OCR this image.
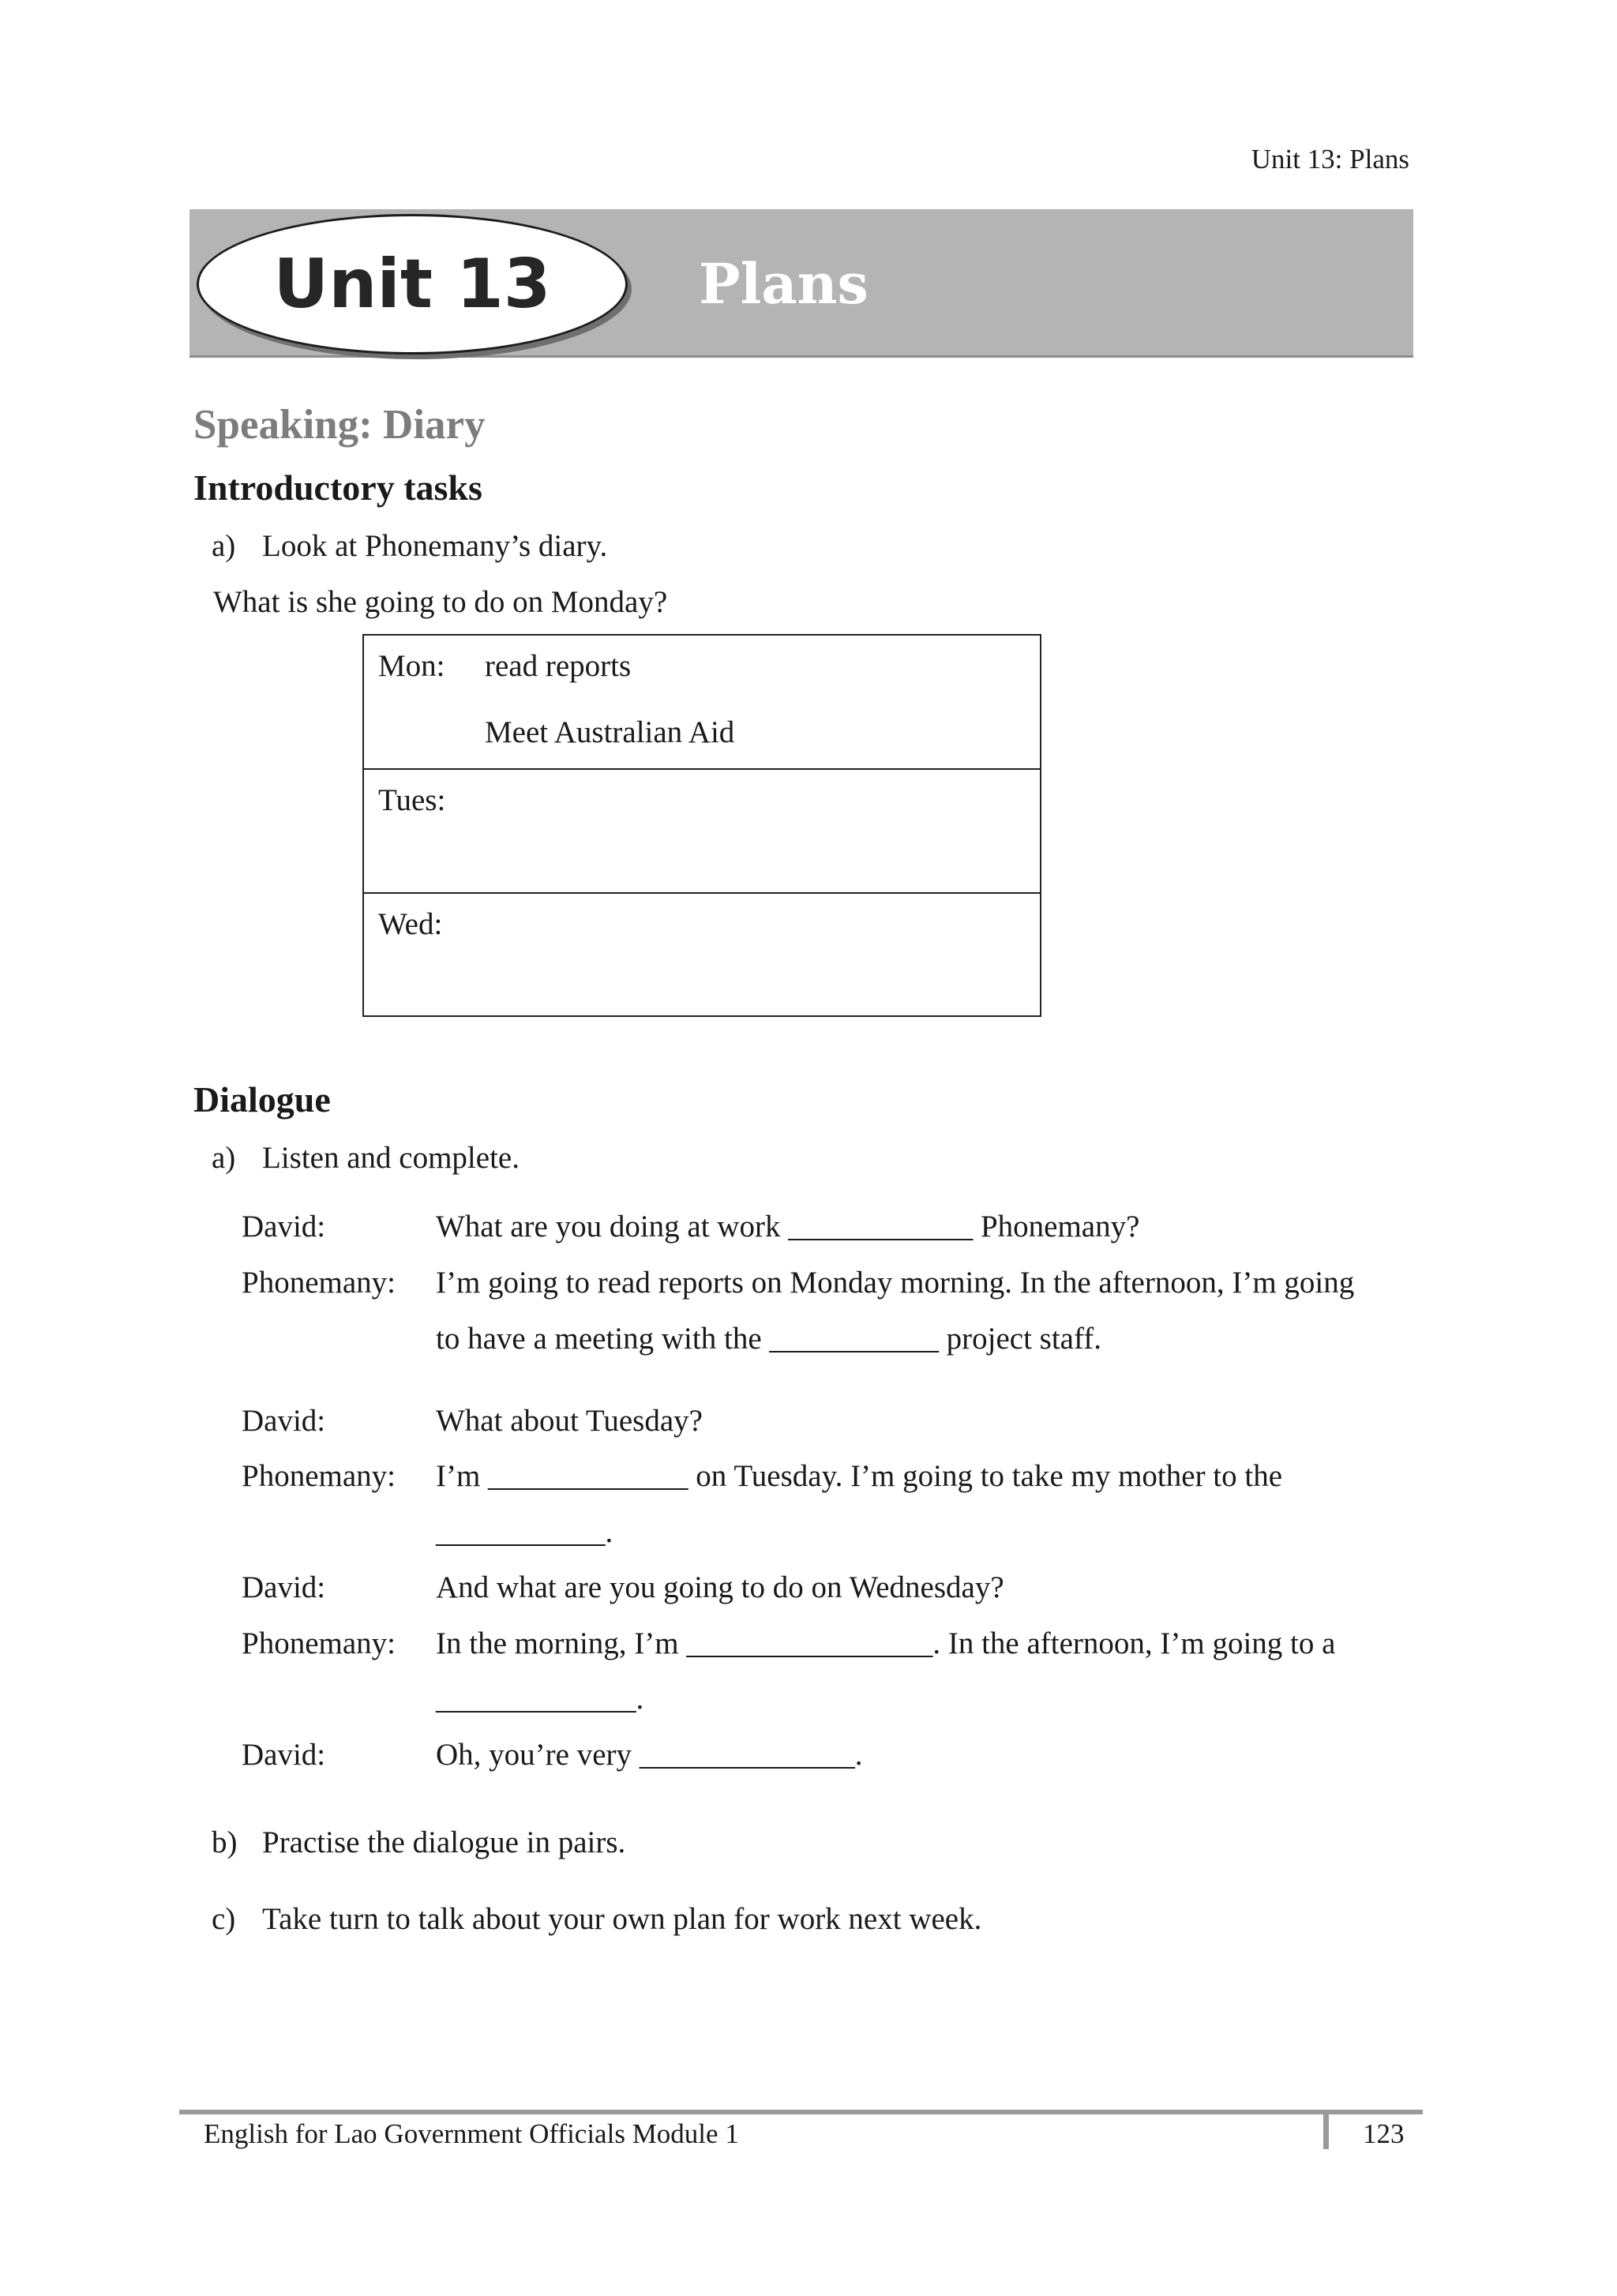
Unit 13: Plans
Unit 13	Plans
Speaking: Diary
Introductory tasks
a) Look at Phonemany’s diary.
What is she going to do on Monday?
Mon: read reports
Meet Australian Aid
Tues:
Wed:
Dialogue
a) Listen and complete.
David:	What are you doing at work ____________ Phonemany?
Phonemany: I’m going to read reports on Monday morning. In the afternoon, I’m going
to have a meeting with the ___________ project staff.
David:	What about Tuesday?
Phonemany: I’m _____________ on Tuesday. I’m going to take my mother to the
___________.
David:	And what are you going to do on Wednesday?
Phonemany: In the morning, I’m ________________. In the afternoon, I’m going to a
_____________.
David:	Oh, you’re very ______________.
b) Practise the dialogue in pairs.
c) Take turn to talk about your own plan for work next week.
English for Lao Government Officials Module 1	123
